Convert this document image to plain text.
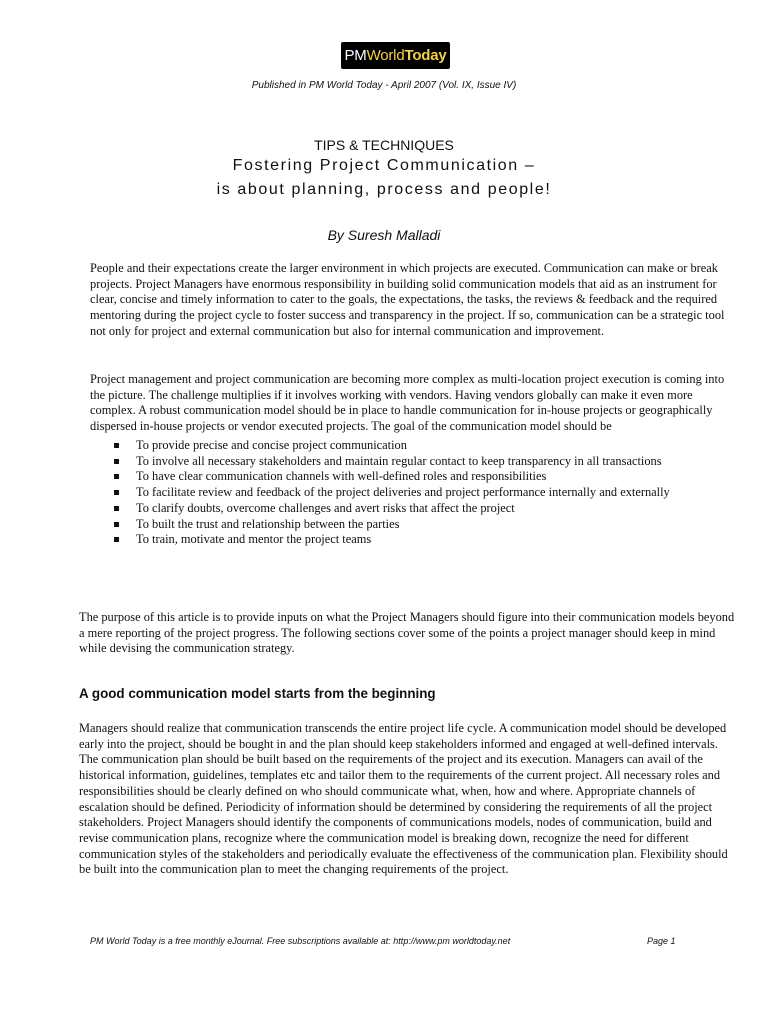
PM World Today
Published in PM World Today - April 2007 (Vol. IX, Issue IV)
TIPS & TECHNIQUES
Fostering Project Communication –
is about planning, process and people!
By Suresh Malladi

People and their expectations create the larger environment in which projects are executed. Communication can make or break projects. Project Managers have enormous responsibility in building solid communication models that aid as an instrument for clear, concise and timely information to cater to the goals, the expectations, the tasks, the reviews & feedback and the required mentoring during the project cycle to foster success and transparency in the project. If so, communication can be a strategic tool not only for project and external communication but also for internal communication and improvement.

Project management and project communication are becoming more complex as multi-location project execution is coming into the picture. The challenge multiplies if it involves working with vendors. Having vendors globally can make it even more complex. A robust communication model should be in place to handle communication for in-house projects or geographically dispersed in-house projects or vendor executed projects. The goal of the communication model should be

To provide precise and concise project communication
To involve all necessary stakeholders and maintain regular contact to keep transparency in all transactions
To have clear communication channels with well-defined roles and responsibilities
To facilitate review and feedback of the project deliveries and project performance internally and externally
To clarify doubts, overcome challenges and avert risks that affect the project
To built the trust and relationship between the parties
To train, motivate and mentor the project teams

The purpose of this article is to provide inputs on what the Project Managers should figure into their communication models beyond a mere reporting of the project progress. The following sections cover some of the points a project manager should keep in mind while devising the communication strategy.

A good communication model starts from the beginning

Managers should realize that communication transcends the entire project life cycle. A communication model should be developed early into the project, should be bought in and the plan should keep stakeholders informed and engaged at well-defined intervals. The communication plan should be built based on the requirements of the project and its execution. Managers can avail of the historical information, guidelines, templates etc and tailor them to the requirements of the current project. All necessary roles and responsibilities should be clearly defined on who should communicate what, when, how and where. Appropriate channels of escalation should be defined. Periodicity of information should be determined by considering the requirements of all the project stakeholders. Project Managers should identify the components of communications models, nodes of communication, build and revise communication plans, recognize where the communication model is breaking down, recognize the need for different communication styles of the stakeholders and periodically evaluate the effectiveness of the communication plan. Flexibility should be built into the communication plan to meet the changing requirements of the project.

PM World Today is a free monthly eJournal. Free subscriptions available at: http://www.pm worldtoday.net	Page 1
